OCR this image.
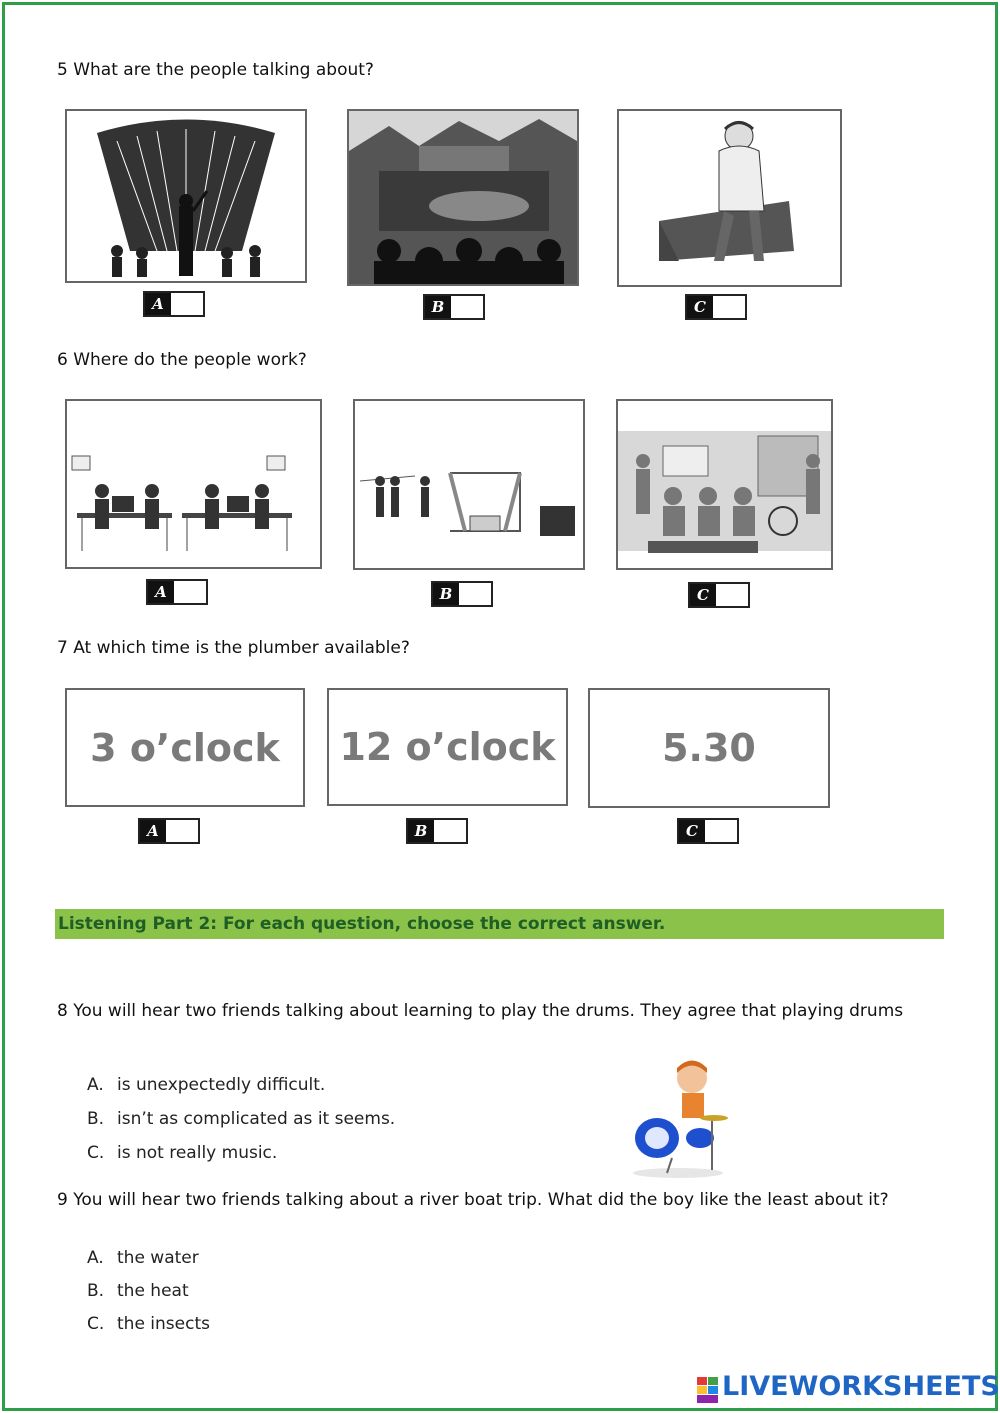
5 What are the people talking about?
A	B	C
6 Where do the people work?
A	B	C
7 At which time is the plumber available?
3 o’clock
A
12 o’clock
B
5.30
C
Listening Part 2: For each question, choose the correct answer.
8 You will hear two friends talking about learning to play the drums. They agree that playing drums
A. is unexpectedly difficult.
B. isn’t as complicated as it seems.
C. is not really music.
9 You will hear two friends talking about a river boat trip. What did the boy like the least about it?
A. the water
B. the heat
C. the insects
LIVEWORKSHEETS
